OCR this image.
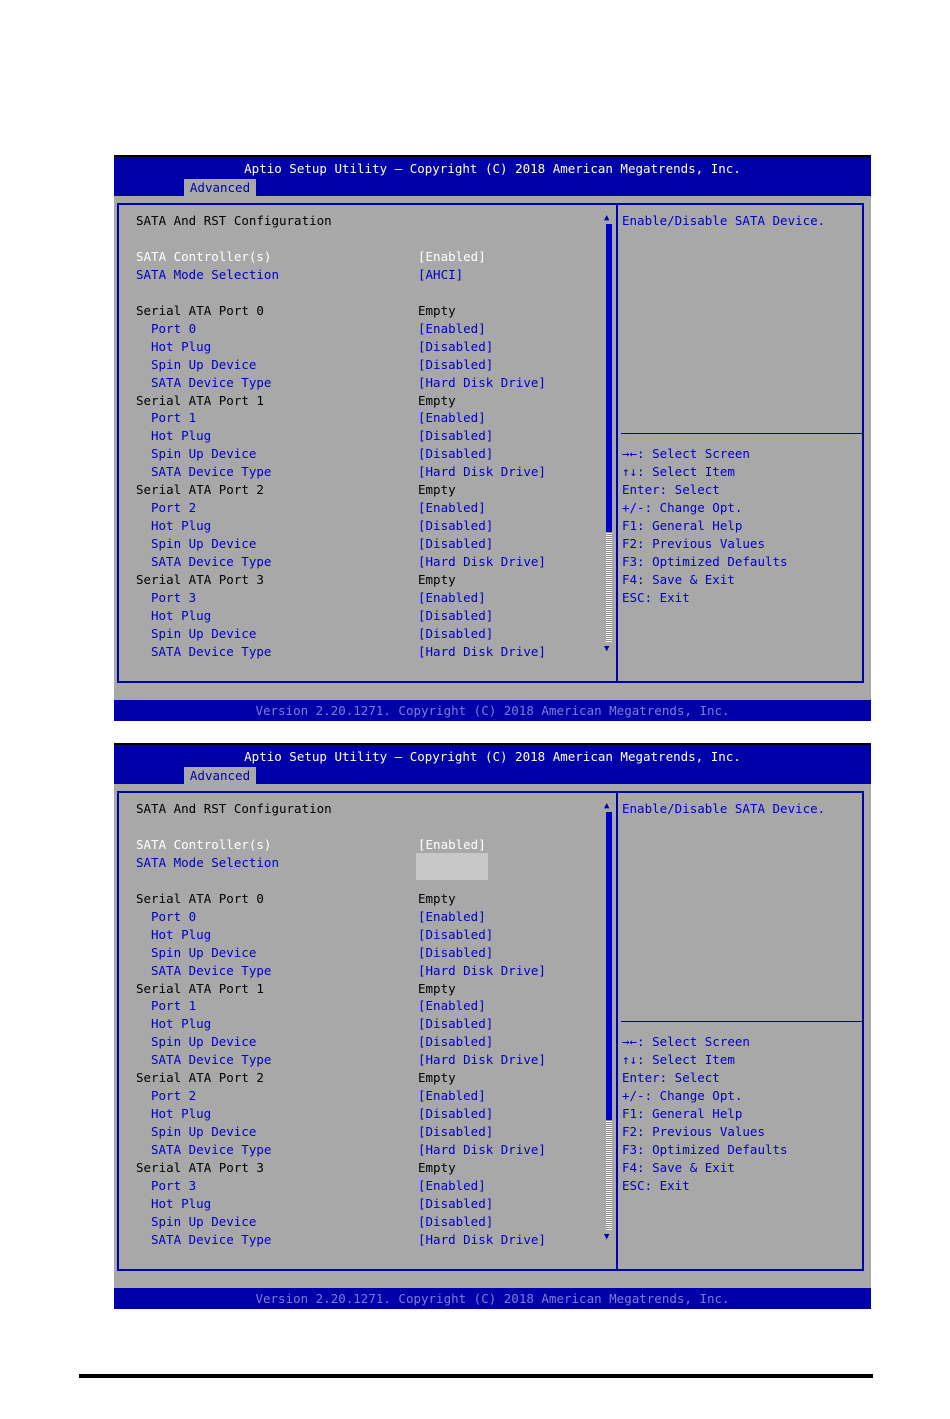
Aptio Setup Utility – Copyright (C) 2018 American Megatrends, Inc.
Advanced
SATA And RST Configuration
SATA Controller(s)	[Enabled]
SATA Mode Selection	[AHCI]
Serial ATA Port 0	Empty
Port 0	[Enabled]
Hot Plug	[Disabled]
Spin Up Device	[Disabled]
SATA Device Type	[Hard Disk Drive]
Serial ATA Port 1	Empty
Port 1	[Enabled]
Hot Plug	[Disabled]
Spin Up Device	[Disabled]
SATA Device Type	[Hard Disk Drive]
Serial ATA Port 2	Empty
Port 2	[Enabled]
Hot Plug	[Disabled]
Spin Up Device	[Disabled]
SATA Device Type	[Hard Disk Drive]
Serial ATA Port 3	Empty
Port 3	[Enabled]
Hot Plug	[Disabled]
Spin Up Device	[Disabled]
SATA Device Type	[Hard Disk Drive]
▲
▼
Enable/Disable SATA Device.
→←: Select Screen
↑↓: Select Item
Enter: Select
+/-: Change Opt.
F1: General Help
F2: Previous Values
F3: Optimized Defaults
F4: Save & Exit
ESC: Exit
Version 2.20.1271. Copyright (C) 2018 American Megatrends, Inc.
Aptio Setup Utility – Copyright (C) 2018 American Megatrends, Inc.
Advanced
SATA And RST Configuration
SATA Controller(s)	[Enabled]
SATA Mode Selection
Serial ATA Port 0	Empty
Port 0	[Enabled]
Hot Plug	[Disabled]
Spin Up Device	[Disabled]
SATA Device Type	[Hard Disk Drive]
Serial ATA Port 1	Empty
Port 1	[Enabled]
Hot Plug	[Disabled]
Spin Up Device	[Disabled]
SATA Device Type	[Hard Disk Drive]
Serial ATA Port 2	Empty
Port 2	[Enabled]
Hot Plug	[Disabled]
Spin Up Device	[Disabled]
SATA Device Type	[Hard Disk Drive]
Serial ATA Port 3	Empty
Port 3	[Enabled]
Hot Plug	[Disabled]
Spin Up Device	[Disabled]
SATA Device Type	[Hard Disk Drive]
▲
▼
Enable/Disable SATA Device.
→←: Select Screen
↑↓: Select Item
Enter: Select
+/-: Change Opt.
F1: General Help
F2: Previous Values
F3: Optimized Defaults
F4: Save & Exit
ESC: Exit
Version 2.20.1271. Copyright (C) 2018 American Megatrends, Inc.
